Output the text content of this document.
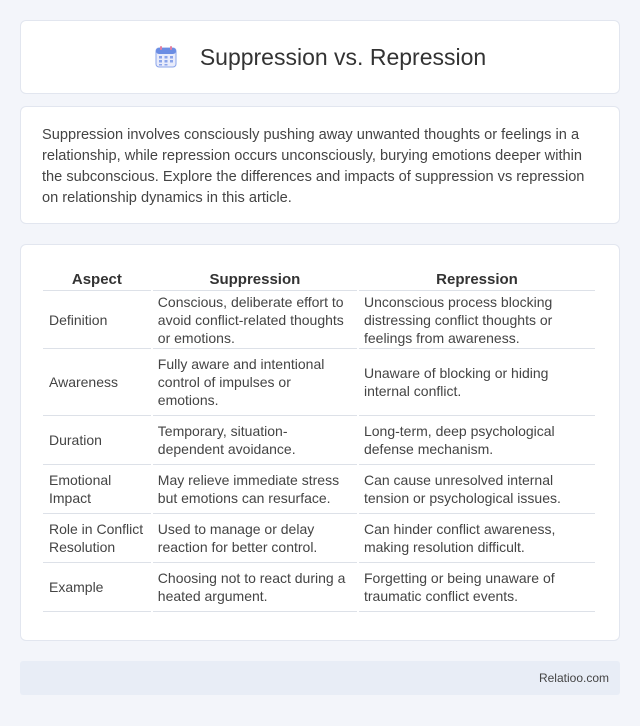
Suppression vs. Repression

Suppression involves consciously pushing away unwanted thoughts or feelings in a relationship, while repression occurs unconsciously, burying emotions deeper within the subconscious. Explore the differences and impacts of suppression vs repression on relationship dynamics in this article.

Aspect	Suppression	Repression
Definition	Conscious, deliberate effort to avoid conflict-related thoughts or emotions.	Unconscious process blocking distressing conflict thoughts or feelings from awareness.
Awareness	Fully aware and intentional control of impulses or emotions.	Unaware of blocking or hiding internal conflict.
Duration	Temporary, situation-dependent avoidance.	Long-term, deep psychological defense mechanism.
Emotional Impact	May relieve immediate stress but emotions can resurface.	Can cause unresolved internal tension or psychological issues.
Role in Conflict Resolution	Used to manage or delay reaction for better control.	Can hinder conflict awareness, making resolution difficult.
Example	Choosing not to react during a heated argument.	Forgetting or being unaware of traumatic conflict events.
Relatioo.com
